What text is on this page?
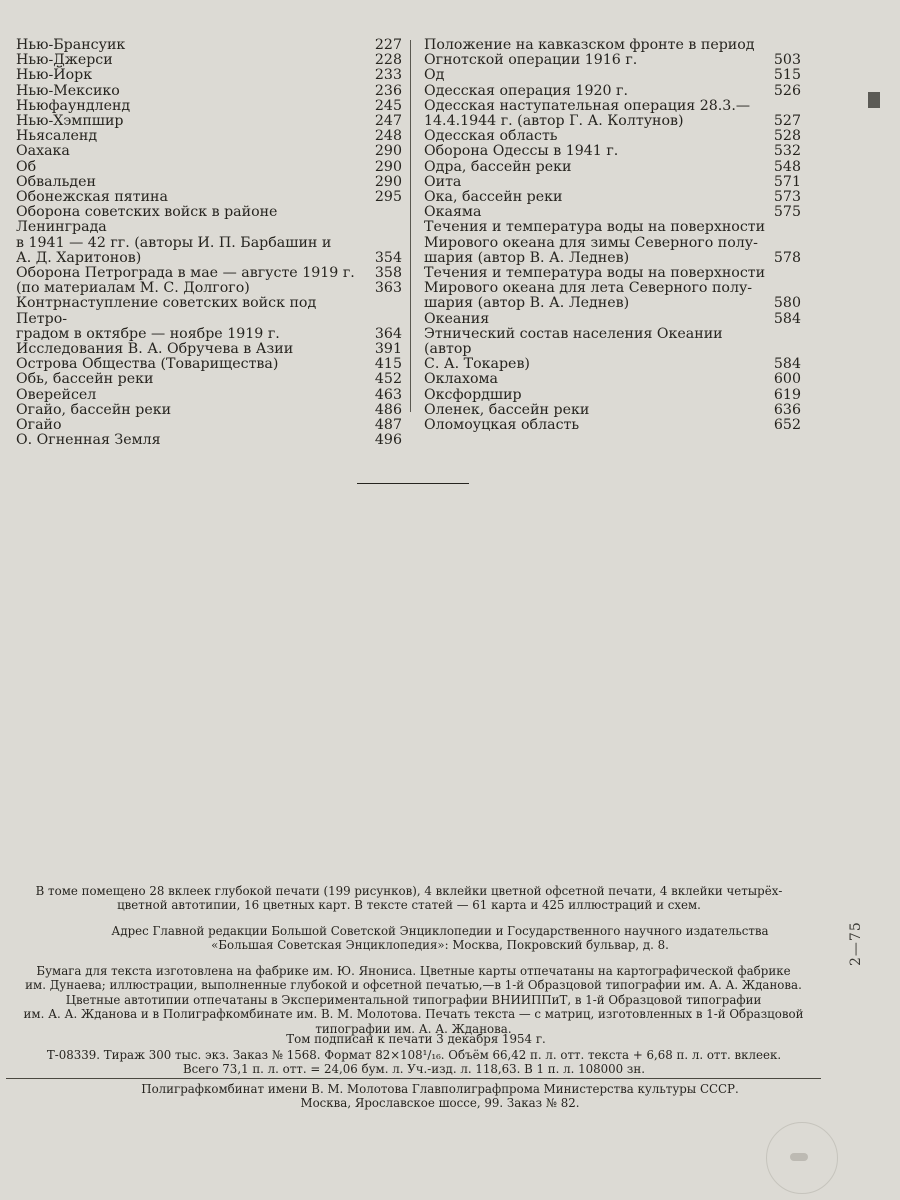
Нью-Брансуик	227
Нью-Джерси	228
Нью-Йорк	233
Нью-Мексико	236
Ньюфаундленд	245
Нью-Хэмпшир	247
Ньясаленд	248
Оахака	290
Об	290
Обвальден	290
Обонежская пятина	295
Оборона советских войск в районе Ленинграда
в 1941 — 42 гг. (авторы И. П. Барбашин и
А. Д. Харитонов)	354
Оборона Петрограда в мае — августе 1919 г.	358
(по материалам М. С. Долгого)	363
Контрнаступление советских войск под Петро-
градом в октябре — ноябре 1919 г.	364
Исследования В. А. Обручева в Азии	391
Острова Общества (Товарищества)	415
Обь, бассейн реки	452
Оверейсел	463
Огайо, бассейн реки	486
Огайо	487
О. Огненная Земля	496
Положение на кавказском фронте в период
Огнотской операции 1916 г.	503
Од	515
Одесская операция 1920 г.	526
Одесская наступательная операция 28.3.—
14.4.1944 г. (автор Г. А. Колтунов)	527
Одесская область	528
Оборона Одессы в 1941 г.	532
Одра, бассейн реки	548
Оита	571
Ока, бассейн реки	573
Окаяма	575
Течения и температура воды на поверхности
Мирового океана для зимы Северного полу-
шария (автор В. А. Леднев)	578
Течения и температура воды на поверхности
Мирового океана для лета Северного полу-
шария (автор В. А. Леднев)	580
Океания	584
Этнический состав населения Океании (автор
С. А. Токарев)	584
Оклахома	600
Оксфордшир	619
Оленек, бассейн реки	636
Оломоуцкая область	652
В томе помещено 28 вклеек глубокой печати (199 рисунков), 4 вклейки цветной офсетной печати, 4 вклейки четырёх-
цветной автотипии, 16 цветных карт. В тексте статей — 61 карта и 425 иллюстраций и схем.
Адрес Главной редакции Большой Советской Энциклопедии и Государственного научного издательства
«Большая Советская Энциклопедия»: Москва, Покровский бульвар, д. 8.
Бумага для текста изготовлена на фабрике им. Ю. Янониса. Цветные карты отпечатаны на картографической фабрике
им. Дунаева; иллюстрации, выполненные глубокой и офсетной печатью,—в 1-й Образцовой типографии им. А. А. Жданова.
Цветные автотипии отпечатаны в Экспериментальной типографии ВНИИППиТ, в 1-й Образцовой типографии
им. А. А. Жданова и в Полиграфкомбинате им. В. М. Молотова. Печать текста — с матриц, изготовленных в 1-й Образцовой
типографии им. А. А. Жданова.
Том подписан к печати 3 декабря 1954 г.
Т-08339. Тираж 300 тыс. экз. Заказ № 1568. Формат 82×108¹/₁₆. Объём 66,42 п. л. отт. текста + 6,68 п. л. отт. вклеек.
Всего 73,1 п. л. отт. = 24,06 бум. л. Уч.-изд. л. 118,63. В 1 п. л. 108000 зн.
Полиграфкомбинат имени В. М. Молотова Главполиграфпрома Министерства культуры СССР.
Москва, Ярославское шоссе, 99. Заказ № 82.
2—75
